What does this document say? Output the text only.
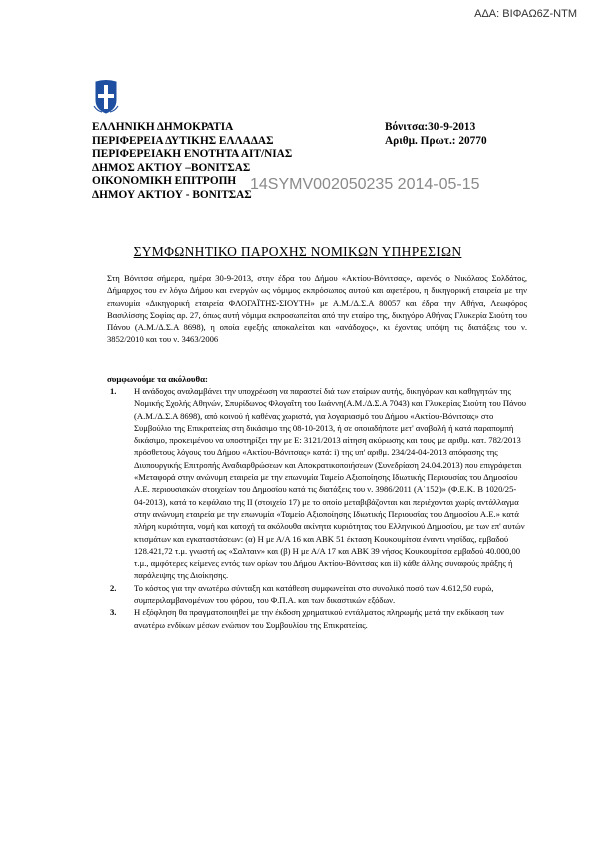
ΑΔΑ: ΒΙΦΑΩ6Ζ-ΝΤΜ
ΕΛΛΗΝΙΚΗ ΔΗΜΟΚΡΑΤΙΑ
ΠΕΡΙΦΕΡΕΙΑ ΔΥΤΙΚΗΣ ΕΛΛΑΔΑΣ
ΠΕΡΙΦΕΡΕΙΑΚΗ ΕΝΟΤΗΤΑ ΑΙΤ/ΝΙΑΣ
ΔΗΜΟΣ ΑΚΤΙΟΥ –ΒΟΝΙΤΣΑΣ
ΟΙΚΟΝΟΜΙΚΗ ΕΠΙΤΡΟΠΗ
ΔΗΜΟΥ ΑΚΤΙΟΥ - ΒΟΝΙΤΣΑΣ
Βόνιτσα:30-9-2013
Αριθμ. Πρωτ.: 20770
14SYMV002050235 2014-05-15
ΣΥΜΦΩΝΗΤΙΚΟ ΠΑΡΟΧΗΣ ΝΟΜΙΚΩΝ ΥΠΗΡΕΣΙΩΝ

Στη Βόνιτσα σήμερα, ημέρα 30-9-2013, στην έδρα του Δήμου «Ακτίου-Βόνιτσας», αφενός ο Νικόλαος Σολδάτος, Δήμαρχος του εν λόγω Δήμου και ενεργών ως νόμιμος εκπρόσωπος αυτού και αφετέρου, η δικηγορική εταιρεία με την επωνυμία «Δικηγορική εταιρεία ΦΛΟΓΑΪΤΗΣ-ΣΙΟΥΤΗ» με Α.Μ./Δ.Σ.Α 80057 και έδρα την Αθήνα, Λεωφόρος Βασιλίσσης Σοφίας αρ. 27, όπως αυτή νόμιμα εκπροσωπείται από την εταίρο της, δικηγόρο Αθήνας Γλυκερία Σιούτη του Πάνου (Α.Μ./Δ.Σ.Α 8698), η οποία εφεξής αποκαλείται και «ανάδοχος», κι έχοντας υπόψη τις διατάξεις του ν. 3852/2010 και του ν. 3463/2006

συμφωνούμε τα ακόλουθα:
1. Η ανάδοχος αναλαμβάνει την υποχρέωση να παραστεί διά των εταίρων αυτής, δικηγόρων και καθηγητών της Νομικής Σχολής Αθηνών, Σπυρίδωνος Φλογαΐτη του Ιωάννη(Α.Μ./Δ.Σ.Α 7043) και Γλυκερίας Σιούτη του Πάνου (Α.Μ./Δ.Σ.Α 8698), από κοινού ή καθένας χωριστά, για λογαριασμό του Δήμου «Ακτίου-Βόνιτσας» στο Συμβούλιο της Επικρατείας στη δικάσιμο της 08-10-2013, ή σε οποιαδήποτε μετ' αναβολή ή κατά παραπομπή δικάσιμο, προκειμένου να υποστηρίξει την με Ε: 3121/2013 αίτηση ακύρωσης και τους με αριθμ. κατ. 782/2013 πρόσθετους λόγους του Δήμου «Ακτίου-Βόνιτσας» κατά: i) της υπ' αριθμ. 234/24-04-2013 απόφασης της Διυπουργικής Επιτροπής Αναδιαρθρώσεων και Αποκρατικοποιήσεων (Συνεδρίαση 24.04.2013) που επιγράφεται «Μεταφορά στην ανώνυμη εταιρεία με την επωνυμία Ταμείο Αξιοποίησης Ιδιωτικής Περιουσίας του Δημοσίου Α.Ε. περιουσιακών στοιχείων του Δημοσίου κατά τις διατάξεις του ν. 3986/2011 (Α΄152)» (Φ.Ε.Κ. Β 1020/25-04-2013), κατά το κεφάλαιο της ΙΙ (στοιχείο 17) με το οποίο μεταβιβάζονται και περιέχονται χωρίς αντάλλαγμα στην ανώνυμη εταιρεία με την επωνυμία «Ταμείο Αξιοποίησης Ιδιωτικής Περιουσίας του Δημοσίου Α.Ε.» κατά πλήρη κυριότητα, νομή και κατοχή τα ακόλουθα ακίνητα κυριότητας του Ελληνικού Δημοσίου, με των επ' αυτών κτισμάτων και εγκαταστάσεων: (α) Η με Α/Α 16 και ΑΒΚ 51 έκταση Κουκουμίτσα έναντι νησίδας, εμβαδού 128.421,72 τ.μ. γνωστή ως «Σαλταιν» και (β) Η με Α/Α 17 και ΑΒΚ 39 νήσος Κουκουμίτσα εμβαδού 40.000,00 τ.μ., αμφότερες κείμενες εντός των ορίων του Δήμου Ακτίου-Βόνιτσας και ii) κάθε άλλης συναφούς πράξης ή παράλειψης της Διοίκησης.
2. Το κόστος για την ανωτέρω σύνταξη και κατάθεση συμφωνείται στο συνολικό ποσό των 4.612,50 ευρώ, συμπεριλαμβανομένων του φόρου, του Φ.Π.Α. και των δικαστικών εξόδων.
3. Η εξόφληση θα πραγματοποιηθεί με την έκδοση χρηματικού εντάλματος πληρωμής μετά την εκδίκαση των ανωτέρω ενδίκων μέσων ενώπιον του Συμβουλίου της Επικρατείας.
